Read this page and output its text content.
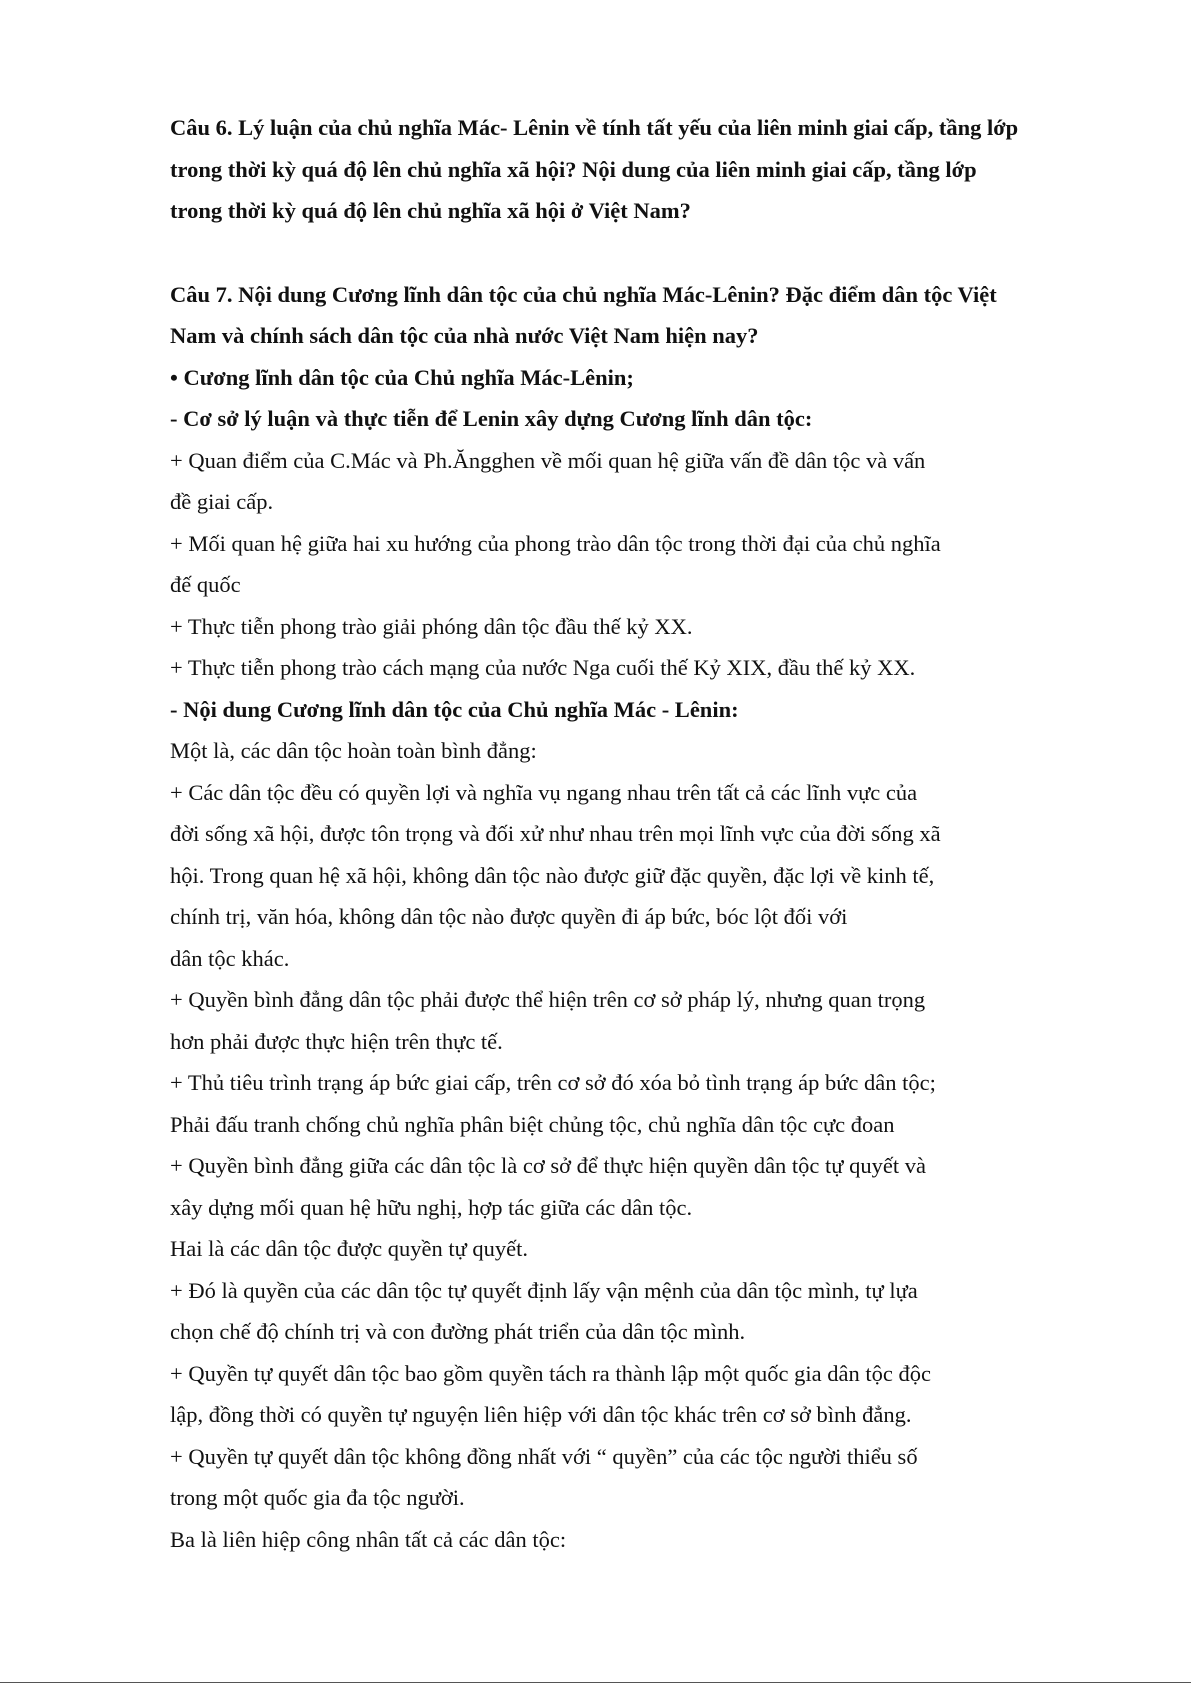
Câu 6. Lý luận của chủ nghĩa Mác- Lênin về tính tất yếu của liên minh giai cấp, tầng lớp

trong thời kỳ quá độ lên chủ nghĩa xã hội? Nội dung của liên minh giai cấp, tầng lớp

trong thời kỳ quá độ lên chủ nghĩa xã hội ở Việt Nam?

Câu 7. Nội dung Cương lĩnh dân tộc của chủ nghĩa Mác-Lênin? Đặc điểm dân tộc Việt

Nam và chính sách dân tộc của nhà nước Việt Nam hiện nay?

• Cương lĩnh dân tộc của Chủ nghĩa Mác-Lênin;

- Cơ sở lý luận và thực tiễn để Lenin xây dựng Cương lĩnh dân tộc:

+ Quan điểm của C.Mác và Ph.Ăngghen về mối quan hệ giữa vấn đề dân tộc và vấn

đề giai cấp.

+ Mối quan hệ giữa hai xu hướng của phong trào dân tộc trong thời đại của chủ nghĩa

đế quốc

+ Thực tiễn phong trào giải phóng dân tộc đầu thế kỷ XX.

+ Thực tiễn phong trào cách mạng của nước Nga cuối thế Kỷ XIX, đầu thế kỷ XX.

- Nội dung Cương lĩnh dân tộc của Chủ nghĩa Mác - Lênin:

Một là, các dân tộc hoàn toàn bình đẳng:

+ Các dân tộc đều có quyền lợi và nghĩa vụ ngang nhau trên tất cả các lĩnh vực của

đời sống xã hội, được tôn trọng và đối xử như nhau trên mọi lĩnh vực của đời sống xã

hội. Trong quan hệ xã hội, không dân tộc nào được giữ đặc quyền, đặc lợi về kinh tế,

chính trị, văn hóa, không dân tộc nào được quyền đi áp bức, bóc lột đối với

dân tộc khác.

+ Quyền bình đẳng dân tộc phải được thể hiện trên cơ sở pháp lý, nhưng quan trọng

hơn phải được thực hiện trên thực tế.

+ Thủ tiêu trình trạng áp bức giai cấp, trên cơ sở đó xóa bỏ tình trạng áp bức dân tộc;

Phải đấu tranh chống chủ nghĩa phân biệt chủng tộc, chủ nghĩa dân tộc cực đoan

+ Quyền bình đẳng giữa các dân tộc là cơ sở để thực hiện quyền dân tộc tự quyết và

xây dựng mối quan hệ hữu nghị, hợp tác giữa các dân tộc.

Hai là các dân tộc được quyền tự quyết.

+ Đó là quyền của các dân tộc tự quyết định lấy vận mệnh của dân tộc mình, tự lựa

chọn chế độ chính trị và con đường phát triển của dân tộc mình.

+ Quyền tự quyết dân tộc bao gồm quyền tách ra thành lập một quốc gia dân tộc độc

lập, đồng thời có quyền tự nguyện liên hiệp với dân tộc khác trên cơ sở bình đẳng.

+ Quyền tự quyết dân tộc không đồng nhất với “ quyền” của các tộc người thiểu số

trong một quốc gia đa tộc người.

Ba là liên hiệp công nhân tất cả các dân tộc:
